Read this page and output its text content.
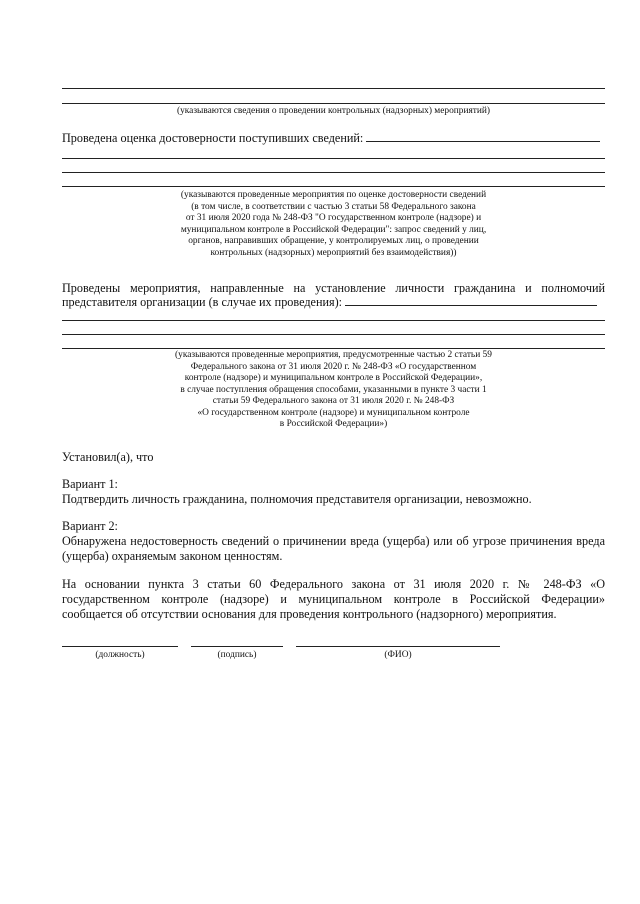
(указываются сведения о проведении контрольных (надзорных) мероприятий)

Проведена оценка достоверности поступивших сведений:

(указываются проведенные мероприятия по оценке достоверности сведений
(в том числе, в соответствии с частью 3 статьи 58 Федерального закона
от 31 июля 2020 года № 248-ФЗ "О государственном контроле (надзоре) и
муниципальном контроле в Российской Федерации": запрос сведений у лиц,
органов, направивших обращение, у контролируемых лиц, о проведении
контрольных (надзорных) мероприятий без взаимодействия))

Проведены мероприятия, направленные на установление личности гражданина и полномочий

представителя организации (в случае их проведения):

(указываются проведенные мероприятия, предусмотренные частью 2 статьи 59
Федерального закона от 31 июля 2020 г. № 248-ФЗ «О государственном
контроле (надзоре) и муниципальном контроле в Российской Федерации»,
в случае поступления обращения способами, указанными в пункте 3 части 1
статьи 59 Федерального закона от 31 июля 2020 г. № 248-ФЗ
«О государственном контроле (надзоре) и муниципальном контроле
в Российской Федерации»)

Установил(а), что

Вариант 1:

Подтвердить личность гражданина, полномочия представителя организации, невозможно.

Вариант 2:

Обнаружена недостоверность сведений о причинении вреда (ущерба) или об угрозе причинения вреда

(ущерба) охраняемым законом ценностям.

На основании пункта 3 статьи 60 Федерального закона от 31 июля 2020 г. № 248-ФЗ «О

государственном контроле (надзоре) и муниципальном контроле в Российской Федерации»

сообщается об отсутствии основания для проведения контрольного (надзорного) мероприятия.

(должность)	(подпись)	(ФИО)
